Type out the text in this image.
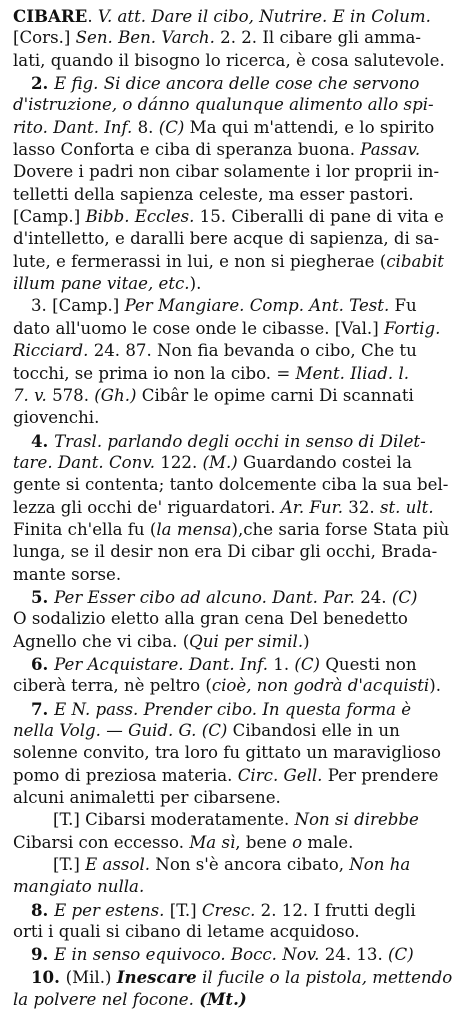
CIBARE. V. att. Dare il cibo, Nutrire. E in Colum.
[Cors.] Sen. Ben. Varch. 2. 2. Il cibare gli amma-
lati, quando il bisogno lo ricerca, è cosa salutevole.
2. E fig. Si dice ancora delle cose che servono
d'istruzione, o dánno qualunque alimento allo spi-
rito. Dant. Inf. 8. (C) Ma qui m'attendi, e lo spirito
lasso Conforta e ciba di speranza buona. Passav.
Dovere i padri non cibar solamente i lor proprii in-
telletti della sapienza celeste, ma esser pastori.
[Camp.] Bibb. Eccles. 15. Ciberalli di pane di vita e
d'intelletto, e daralli bere acque di sapienza, di sa-
lute, e fermerassi in lui, e non si piegherae (cibabit
illum pane vitae, etc.).
3. [Camp.] Per Mangiare. Comp. Ant. Test. Fu
dato all'uomo le cose onde le cibasse. [Val.] Fortig.
Ricciard. 24. 87. Non fia bevanda o cibo, Che tu
tocchi, se prima io non la cibo. = Ment. Iliad. l.
7. v. 578. (Gh.) Cibâr le opime carni Di scannati
giovenchi.
4. Trasl. parlando degli occhi in senso di Dilet-
tare. Dant. Conv. 122. (M.) Guardando costei la
gente si contenta; tanto dolcemente ciba la sua bel-
lezza gli occhi de' riguardatori. Ar. Fur. 32. st. ult.
Finita ch'ella fu (la mensa),che saria forse Stata più
lunga, se il desir non era Di cibar gli occhi, Brada-
mante sorse.
5. Per Esser cibo ad alcuno. Dant. Par. 24. (C)
O sodalizio eletto alla gran cena Del benedetto
Agnello che vi ciba. (Qui per simil.)
6. Per Acquistare. Dant. Inf. 1. (C) Questi non
ciberà terra, nè peltro (cioè, non godrà d'acquisti).
7. E N. pass. Prender cibo. In questa forma è
nella Volg. — Guid. G. (C) Cibandosi elle in un
solenne convito, tra loro fu gittato un maraviglioso
pomo di preziosa materia. Circ. Gell. Per prendere
alcuni animaletti per cibarsene.
[T.] Cibarsi moderatamente. Non si direbbe
Cibarsi con eccesso. Ma sì, bene o male.
[T.] E assol. Non s'è ancora cibato, Non ha
mangiato nulla.
8. E per estens. [T.] Cresc. 2. 12. I frutti degli
orti i quali si cibano di letame acquidoso.
9. E in senso equivoco. Bocc. Nov. 24. 13. (C)
10. (Mil.) Inescare il fucile o la pistola, mettendo
la polvere nel focone. (Mt.)
